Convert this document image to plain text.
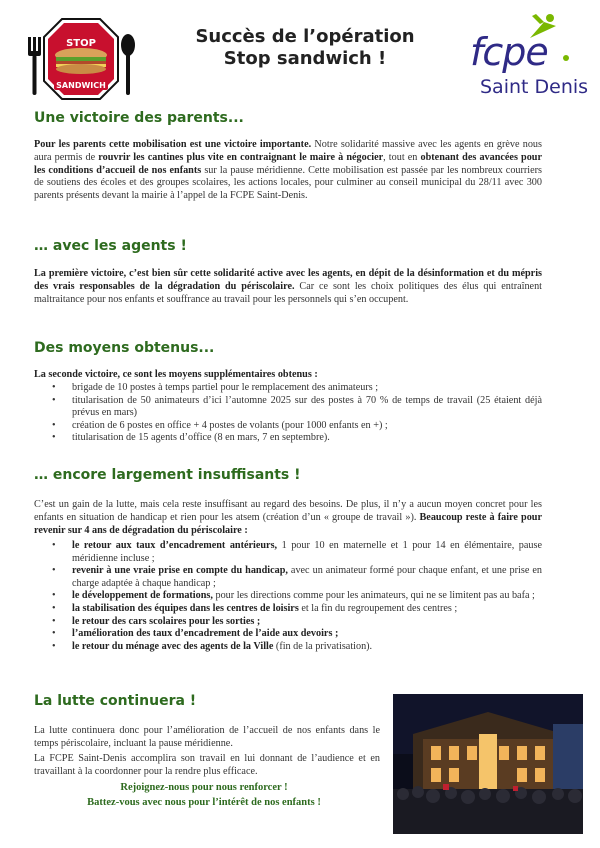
STOP
SANDWICH
Succès de l’opération
Stop sandwich !	fcpe
Saint Denis
Une victoire des parents...

Pour les parents cette mobilisation est une victoire importante. Notre solidarité massive avec les agents en grève nous aura permis de rouvrir les cantines plus vite en contraignant le maire à négocier, tout en obtenant des avancées pour les conditions d’accueil de nos enfants sur la pause méridienne. Cette mobilisation est passée par les nombreux courriers de soutiens des écoles et des groupes scolaires, les actions locales, pour culminer au conseil municipal du 28/11 avec 300 parents présents devant la mairie à l’appel de la FCPE Saint-Denis.

… avec les agents !

La première victoire, c’est bien sûr cette solidarité active avec les agents, en dépit de la désinformation et du mépris des vrais responsables de la dégradation du périscolaire. Car ce sont les choix politiques des élus qui entraînent maltraitance pour nos enfants et souffrance au travail pour les personnels qui s’en occupent.

Des moyens obtenus...

La seconde victoire, ce sont les moyens supplémentaires obtenus :

• brigade de 10 postes à temps partiel pour le remplacement des animateurs ;
• titularisation de 50 animateurs d’ici l’automne 2025 sur des postes à 70 % de temps de travail (25 étaient déjà prévus en mars)
• création de 6 postes en office + 4 postes de volants (pour 1000 enfants en +) ;
• titularisation de 15 agents d’office (8 en mars, 7 en septembre).
… encore largement insuffisants !

C’est un gain de la lutte, mais cela reste insuffisant au regard des besoins. De plus, il n’y a aucun moyen concret pour les enfants en situation de handicap et rien pour les atsem (création d’un « groupe de travail »). Beaucoup reste à faire pour revenir sur 4 ans de dégradation du périscolaire :

• le retour aux taux d’encadrement antérieurs, 1 pour 10 en maternelle et 1 pour 14 en élémentaire, pause méridienne incluse ;
• revenir à une vraie prise en compte du handicap, avec un animateur formé pour chaque enfant, et une prise en charge adaptée à chaque handicap ;
• le développement de formations, pour les directions comme pour les animateurs, qui ne se limitent pas au bafa ;
• la stabilisation des équipes dans les centres de loisirs et la fin du regroupement des centres ;
• le retour des cars scolaires pour les sorties ;
• l’amélioration des taux d’encadrement de l’aide aux devoirs ;
• le retour du ménage avec des agents de la Ville (fin de la privatisation).
La lutte continuera !

La lutte continuera donc pour l’amélioration de l’accueil de nos enfants dans le temps périscolaire, incluant la pause méridienne.

La FCPE Saint-Denis accomplira son travail en lui donnant de l’audience et en travaillant à la coordonner pour la rendre plus efficace.

Rejoignez-nous pour nous renforcer !
Battez-vous avec nous pour l’intérêt de nos enfants !
